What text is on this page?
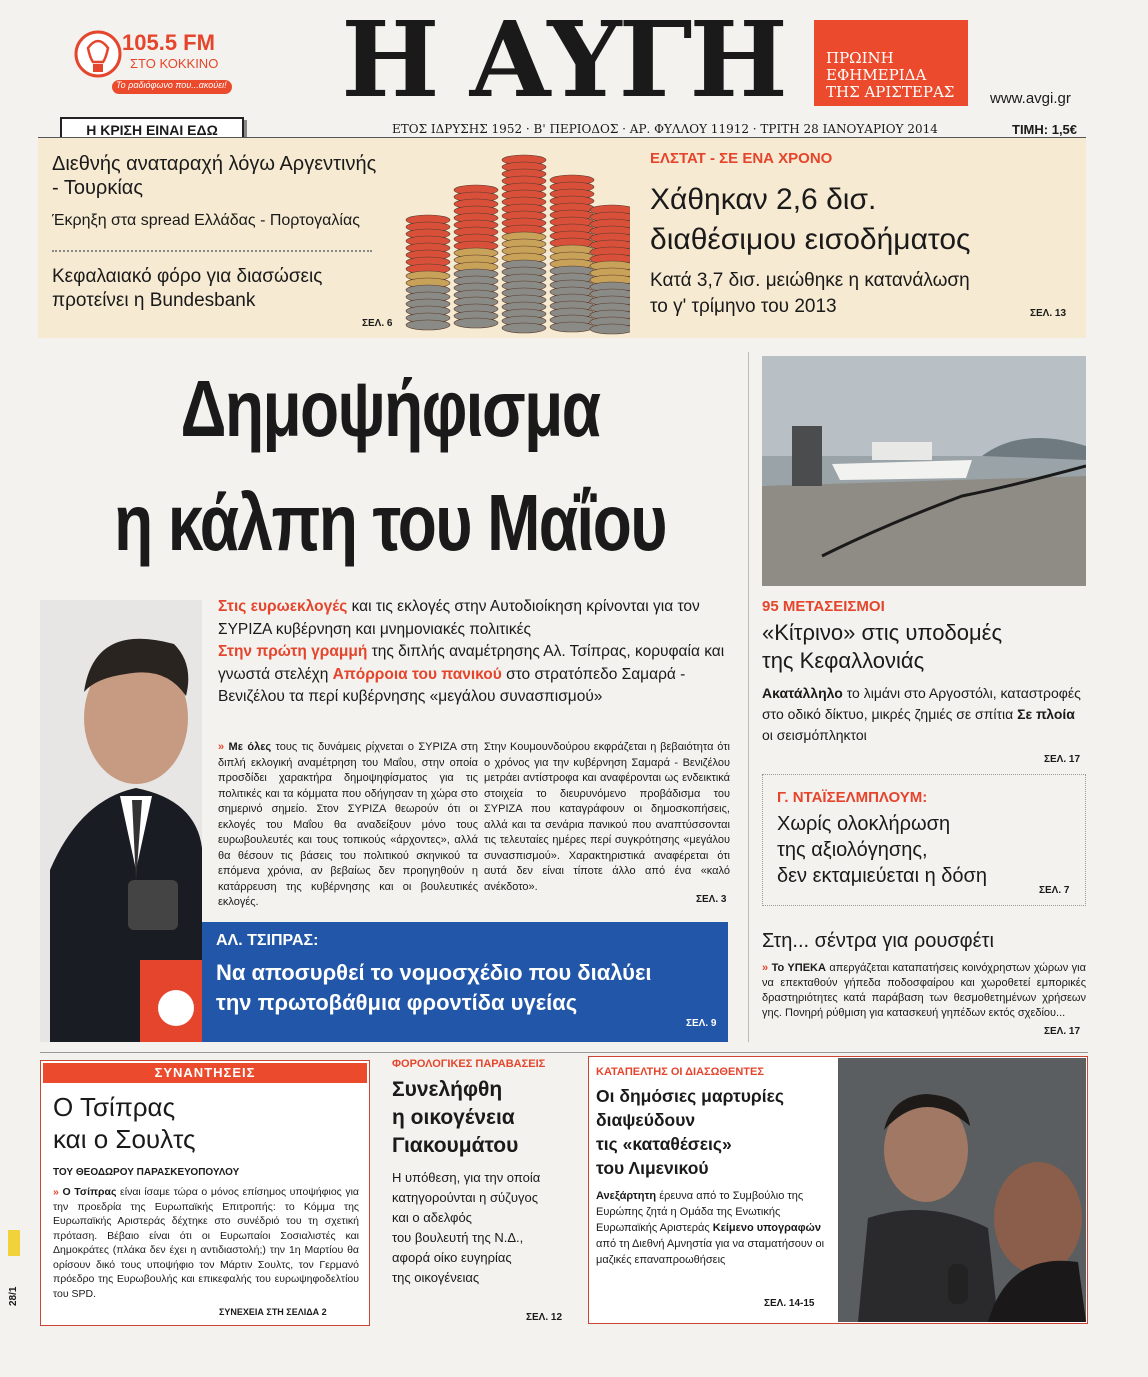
105.5 FM
ΣΤΟ ΚΟΚΚΙΝΟ
Το ραδιόφωνο που...ακούει! Η ΑΥΓΗ	ΠΡΩΙΝΗ
ΕΦΗΜΕΡΙΔΑ
ΤΗΣ ΑΡΙΣΤΕΡΑΣ	www.avgi.gr
Η ΚΡΙΣΗ ΕΙΝΑΙ ΕΔΩ	ΕΤΟΣ ΙΔΡΥΣΗΣ 1952 · Β' ΠΕΡΙΟΔΟΣ · ΑΡ. ΦΥΛΛΟΥ 11912 · ΤΡΙΤΗ 28 ΙΑΝΟΥΑΡΙΟΥ 2014	ΤΙΜΗ: 1,5€
Διεθνής αναταραχή λόγω Αργεντινής - Τουρκίας
Έκρηξη στα spread Ελλάδας - Πορτογαλίας
Κεφαλαιακό φόρο για διασώσεις προτείνει η Bundesbank
ΣΕΛ. 6
ΕΛΣΤΑΤ - ΣΕ ΕΝΑ ΧΡΟΝΟ
Χάθηκαν 2,6 δισ.
διαθέσιμου εισοδήματος
Κατά 3,7 δισ. μειώθηκε η κατανάλωση
το γ' τρίμηνο του 2013	ΣΕΛ. 13
Δημοψήφισμα
η κάλπη του Μαΐου
Στις ευρωεκλογές και τις εκλογές στην Αυτοδιοίκηση κρίνονται για τον ΣΥΡΙΖΑ κυβέρνηση και μνημονιακές πολιτικές
Στην πρώτη γραμμή της διπλής αναμέτρησης Αλ. Τσίπρας, κορυφαία και γνωστά στελέχη Απόρροια του πανικού στο στρατόπεδο Σαμαρά - Βενιζέλου τα περί κυβέρνησης «μεγάλου συνασπισμού»
» Με όλες τους τις δυνάμεις ρίχνεται ο ΣΥΡΙΖΑ στη διπλή εκλογική αναμέτρηση του Μαΐου, στην οποία προσδίδει χαρακτήρα δημοψηφίσματος για τις πολιτικές και τα κόμματα που οδήγησαν τη χώρα στο σημερινό σημείο. Στον ΣΥΡΙΖΑ θεωρούν ότι οι εκλογές του Μαΐου θα αναδείξουν μόνο τους ευρωβουλευτές και τους τοπικούς «άρχοντες», αλλά θα θέσουν τις βάσεις του πολιτικού σκηνικού τα επόμενα χρόνια, αν βεβαίως δεν προηγηθούν η κατάρρευση της κυβέρνησης και οι βουλευτικές εκλογές.
Στην Κουμουνδούρου εκφράζεται η βεβαιότητα ότι ο χρόνος για την κυβέρνηση Σαμαρά - Βενιζέλου μετράει αντίστροφα και αναφέρονται ως ενδεικτικά στοιχεία το διευρυνόμενο προβάδισμα του ΣΥΡΙΖΑ που καταγράφουν οι δημοσκοπήσεις, αλλά και τα σενάρια πανικού που αναπτύσσονται τις τελευταίες ημέρες περί συγκρότησης «μεγάλου συνασπισμού». Χαρακτηριστικά αναφέρεται ότι αυτά δεν είναι τίποτε άλλο από ένα «καλό ανέκδοτο».
ΣΕΛ. 3
ΑΛ. ΤΣΙΠΡΑΣ:
Να αποσυρθεί το νομοσχέδιο που διαλύει
την πρωτοβάθμια φροντίδα υγείας
ΣΕΛ. 9
95 ΜΕΤΑΣΕΙΣΜΟΙ
«Κίτρινο» στις υποδομές
της Κεφαλλονιάς
Ακατάλληλο το λιμάνι στο Αργοστόλι, καταστροφές στο οδικό δίκτυο, μικρές ζημιές σε σπίτια Σε πλοία οι σεισμόπληκτοι
ΣΕΛ. 17
Γ. ΝΤΑΪΣΕΛΜΠΛΟΥΜ:
Χωρίς ολοκλήρωση
της αξιολόγησης,
δεν εκταμιεύεται η δόση
ΣΕΛ. 7
Στη... σέντρα για ρουσφέτι
» Το ΥΠΕΚΑ απεργάζεται καταπατήσεις κοινόχρηστων χώρων για να επεκταθούν γήπεδα ποδοσφαίρου και χωροθετεί εμπορικές δραστηριότητες κατά παράβαση των θεσμοθετημένων χρήσεων γης. Πονηρή ρύθμιση για κατασκευή γηπέδων εκτός σχεδίου...
ΣΕΛ. 17
ΣΥΝΑΝΤΗΣΕΙΣ
Ο Τσίπρας
και ο Σουλτς
ΤΟΥ ΘΕΟΔΩΡΟΥ ΠΑΡΑΣΚΕΥΟΠΟΥΛΟΥ
» Ο Τσίπρας είναι ίσαμε τώρα ο μόνος επίσημος υποψήφιος για την προεδρία της Ευρωπαϊκής Επιτροπής: το Κόμμα της Ευρωπαϊκής Αριστεράς δέχτηκε στο συνέδριό του τη σχετική πρόταση. Βέβαιο είναι ότι οι Ευρωπαίοι Σοσιαλιστές και Δημοκράτες (πλάκα δεν έχει η αντιδιαστολή;) την 1η Μαρτίου θα ορίσουν δικό τους υποψήφιο τον Μάρτιν Σουλτς, τον Γερμανό πρόεδρο της Ευρωβουλής και επικεφαλής του ευρωψηφοδελτίου του SPD.
ΣΥΝΕΧΕΙΑ ΣΤΗ ΣΕΛΙΔΑ 2
ΦΟΡΟΛΟΓΙΚΕΣ ΠΑΡΑΒΑΣΕΙΣ
Συνελήφθη
η οικογένεια
Γιακουμάτου
Η υπόθεση, για την οποία
κατηγορούνται η σύζυγος
και ο αδελφός
του βουλευτή της Ν.Δ.,
αφορά οίκο ευγηρίας
της οικογένειας
ΣΕΛ. 12
ΚΑΤΑΠΕΛΤΗΣ ΟΙ ΔΙΑΣΩΘΕΝΤΕΣ
Οι δημόσιες μαρτυρίες
διαψεύδουν
τις «καταθέσεις»
του Λιμενικού
Ανεξάρτητη έρευνα από το Συμβούλιο της Ευρώπης ζητά η Ομάδα της Ενωτικής Ευρωπαϊκής Αριστεράς Κείμενο υπογραφών από τη Διεθνή Αμνηστία για να σταματήσουν οι μαζικές επαναπροωθήσεις
ΣΕΛ. 14-15
28/1
